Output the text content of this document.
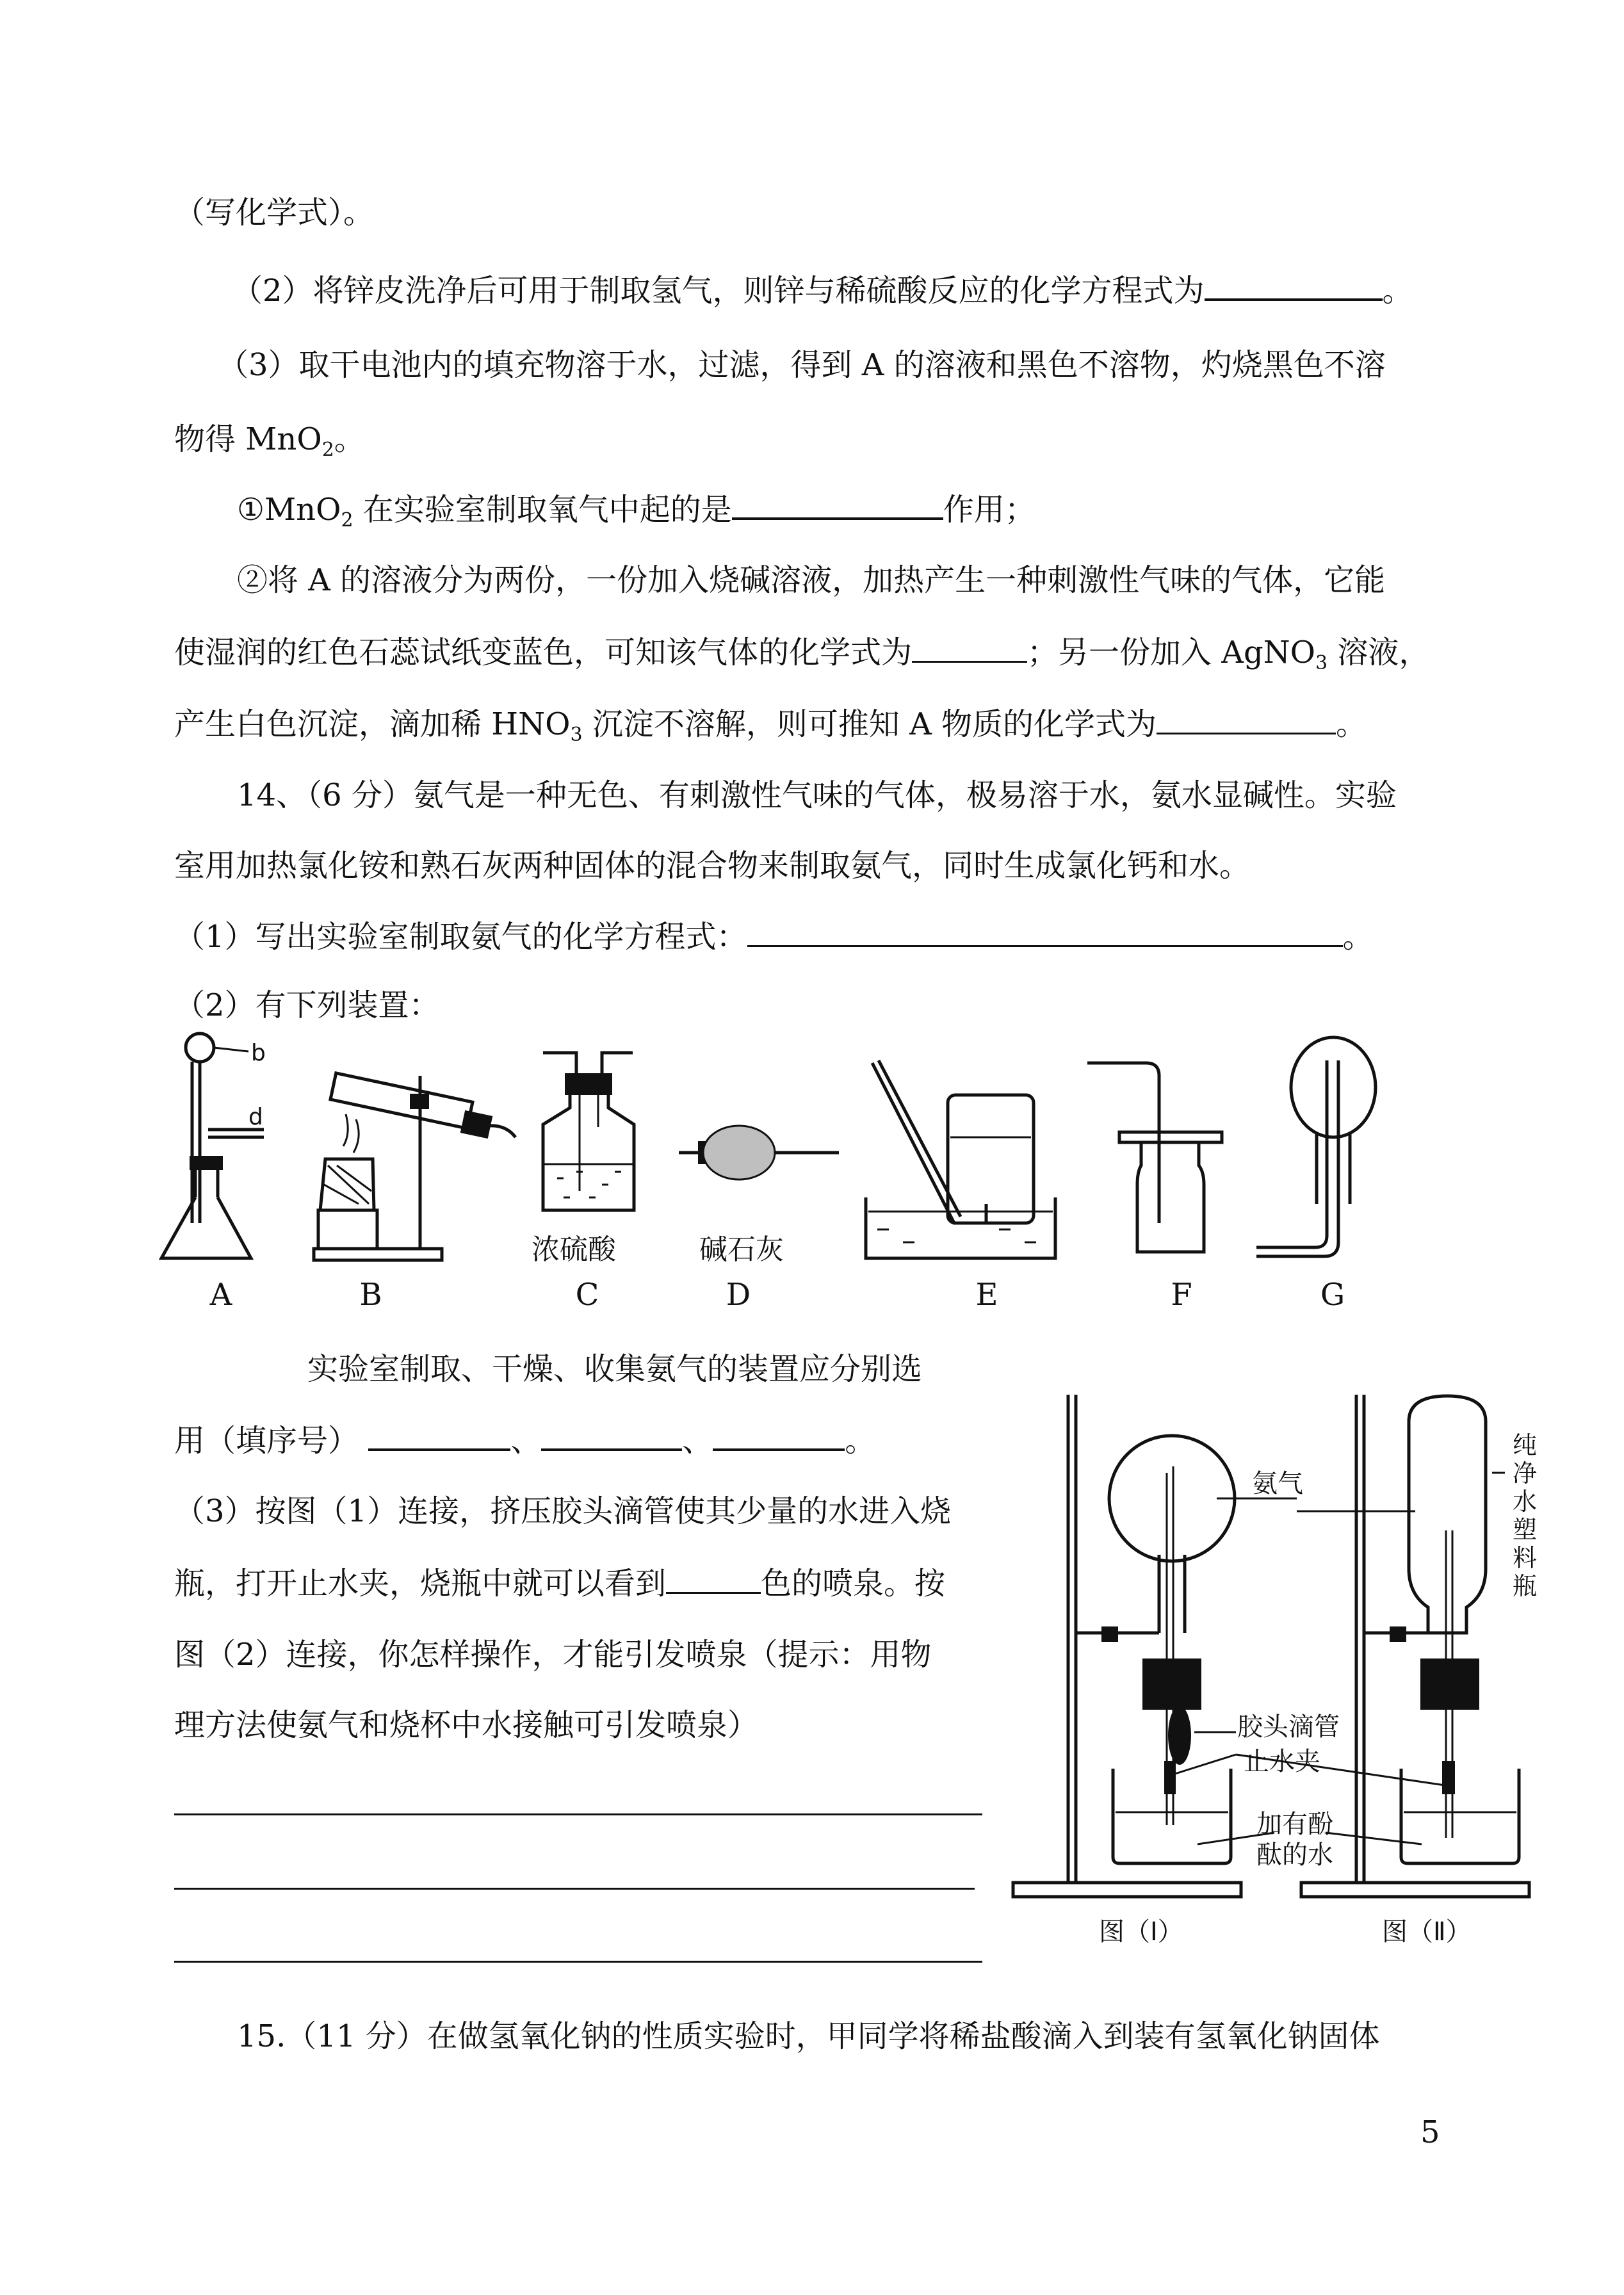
（写化学式）。
（2）将锌皮洗净后可用于制取氢气，则锌与稀硫酸反应的化学方程式为	。
（3）取干电池内的填充物溶于水，过滤，得到 A 的溶液和黑色不溶物，灼烧黑色不溶
物得 MnO$_2$。
①MnO$_2$ 在实验室制取氧气中起的是	作用；
②将 A 的溶液分为两份，一份加入烧碱溶液，加热产生一种刺激性气味的气体，它能
使湿润的红色石蕊试纸变蓝色，可知该气体的化学式为	；另一份加入 AgNO$_3$ 溶液，
产生白色沉淀，滴加稀 $HNO_3$ 沉淀不溶解，则可推知 A 物质的化学式为	。
14、（6 分）氨气是一种无色、有刺激性气味的气体，极易溶于水，氨水显碱性。实验
室用加热氯化铵和熟石灰两种固体的混合物来制取氨气，同时生成氯化钙和水。
（1）写出实验室制取氨气的化学方程式：	。
（2）有下列装置：
b
d
浓硫酸	碱石灰
A	B	C	D	E	F	G
实验室制取、干燥、收集氨气的装置应分别选
用（填序号）	、	、	。
（3）按图（1）连接，挤压胶头滴管使其少量的水进入烧
瓶，打开止水夹，烧瓶中就可以看到	色的喷泉。按
图（2）连接，你怎样操作，才能引发喷泉（提示：用物
理方法使氨气和烧杯中水接触可引发喷泉）
氨气
胶头滴管
止水夹
加有酚
酞的水
纯
净
水
塑
料
瓶
图（Ⅰ）	图（Ⅱ）
15.（11 分）在做氢氧化钠的性质实验时，甲同学将稀盐酸滴入到装有氢氧化钠固体
5
